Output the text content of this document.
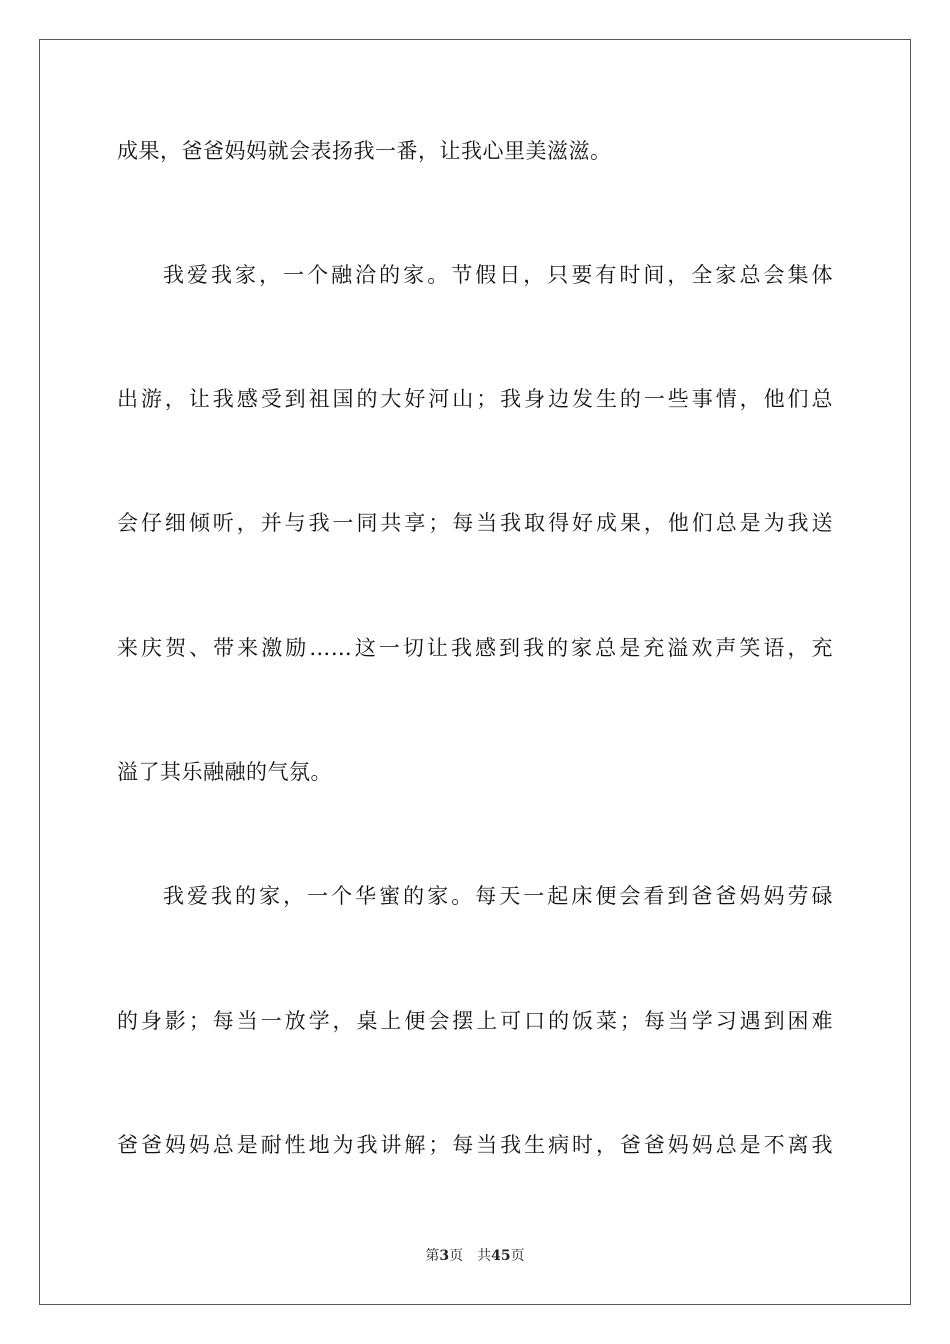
成果，爸爸妈妈就会表扬我一番，让我心里美滋滋。
我爱我家，一个融洽的家。节假日，只要有时间，全家总会集体
出游，让我感受到祖国的大好河山；我身边发生的一些事情，他们总
会仔细倾听，并与我一同共享；每当我取得好成果，他们总是为我送
来庆贺、带来激励……这一切让我感到我的家总是充溢欢声笑语，充
溢了其乐融融的气氛。
我爱我的家，一个华蜜的家。每天一起床便会看到爸爸妈妈劳碌
的身影；每当一放学，桌上便会摆上可口的饭菜；每当学习遇到困难
爸爸妈妈总是耐性地为我讲解；每当我生病时，爸爸妈妈总是不离我
第3页 共45页
